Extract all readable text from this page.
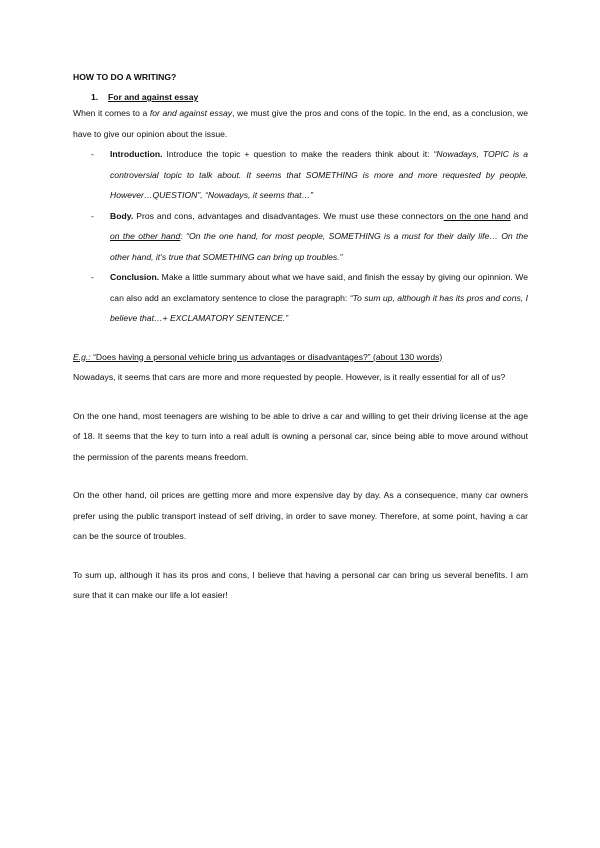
HOW TO DO A WRITING?

1. For and against essay

When it comes to a for and against essay, we must give the pros and cons of the topic. In the end, as a conclusion, we have to give our opinion about the issue.

- Introduction. Introduce the topic + question to make the readers think about it: “Nowadays, TOPIC is a controversial topic to talk about. It seems that SOMETHING is more and more requested by people. However…QUESTION”, “Nowadays, it seems that…”

- Body. Pros and cons, advantages and disadvantages. We must use these connectors on the one hand and on the other hand: “On the one hand, for most people, SOMETHING is a must for their daily life… On the other hand, it’s true that SOMETHING can bring up troubles.”

- Conclusion. Make a little summary about what we have said, and finish the essay by giving our opinnion. We can also add an exclamatory sentence to close the paragraph: “To sum up, although it has its pros and cons, I believe that…+ EXCLAMATORY SENTENCE.”

E.g.: “Does having a personal vehicle bring us advantages or disadvantages?” (about 130 words)

Nowadays, it seems that cars are more and more requested by people. However, is it really essential for all of us?

On the one hand, most teenagers are wishing to be able to drive a car and willing to get their driving license at the age of 18. It seems that the key to turn into a real adult is owning a personal car, since being able to move around without the permission of the parents means freedom.

On the other hand, oil prices are getting more and more expensive day by day. As a consequence, many car owners prefer using the public transport instead of self driving, in order to save money. Therefore, at some point, having a car can be the source of troubles.

To sum up, although it has its pros and cons, I believe that having a personal car can bring us several benefits. I am sure that it can make our life a lot easier!
